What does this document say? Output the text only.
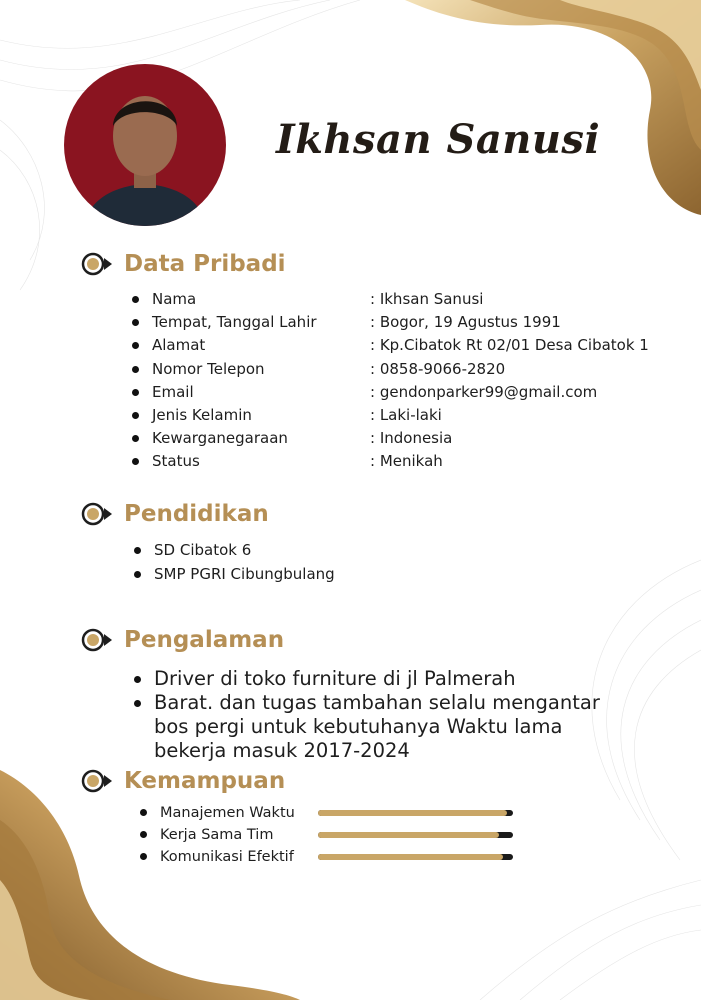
Ikhsan Sanusi
Data Pribadi
Nama	: Ikhsan Sanusi
Tempat, Tanggal Lahir	: Bogor, 19 Agustus 1991
Alamat	: Kp.Cibatok Rt 02/01 Desa Cibatok 1
Nomor Telepon	: 0858-9066-2820
Email	: gendonparker99@gmail.com
Jenis Kelamin	: Laki-laki
Kewarganegaraan	: Indonesia
Status	: Menikah
Pendidikan
SD Cibatok 6
SMP PGRI Cibungbulang
Pengalaman
Driver di toko furniture di jl Palmerah
Barat. dan tugas tambahan selalu mengantar bos pergi untuk kebutuhanya Waktu lama bekerja masuk 2017-2024
Kemampuan
Manajemen Waktu
Kerja Sama Tim
Komunikasi Efektif
